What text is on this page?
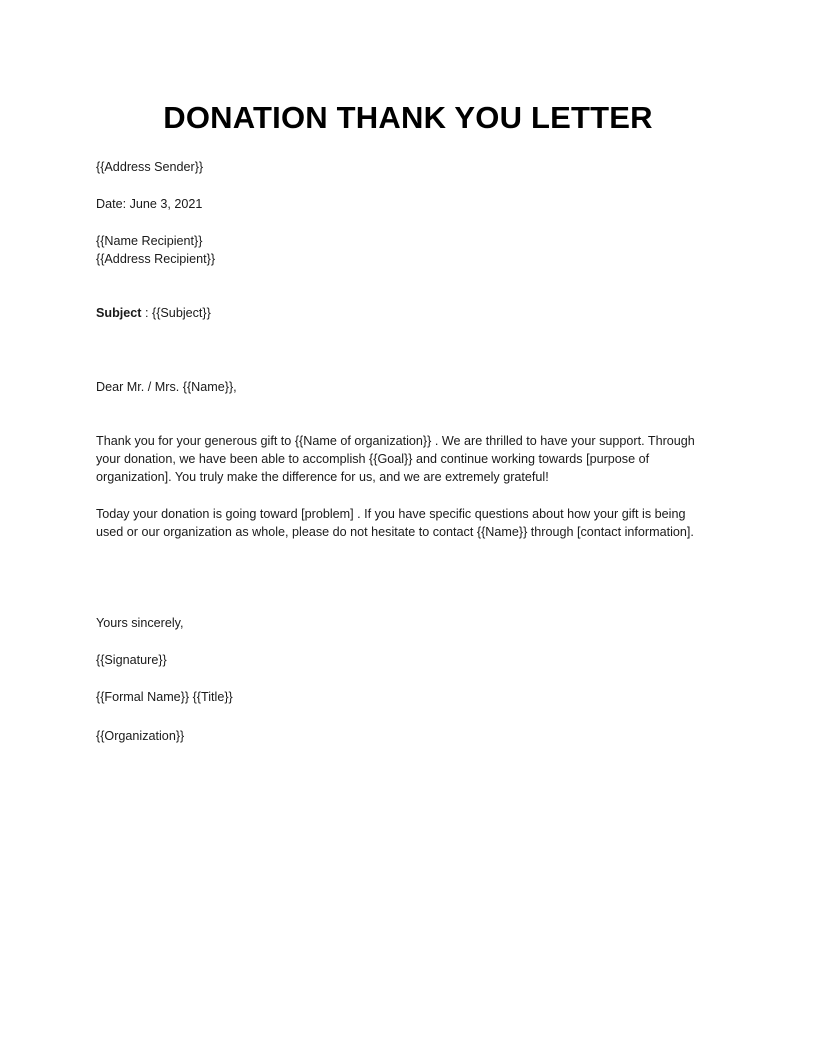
DONATION THANK YOU LETTER

{{Address Sender}}

Date: June 3, 2021

{{Name Recipient}}

{{Address Recipient}}

Subject : {{Subject}}

Dear Mr. / Mrs. {{Name}},

Thank you for your generous gift to {{Name of organization}} . We are thrilled to have your support. Through your donation, we have been able to accomplish {{Goal}} and continue working towards [purpose of organization]. You truly make the difference for us, and we are extremely grateful!

Today your donation is going toward [problem] . If you have specific questions about how your gift is being used or our organization as whole, please do not hesitate to contact {{Name}} through [contact information].

Yours sincerely,

{{Signature}}

{{Formal Name}} {{Title}}

{{Organization}}
